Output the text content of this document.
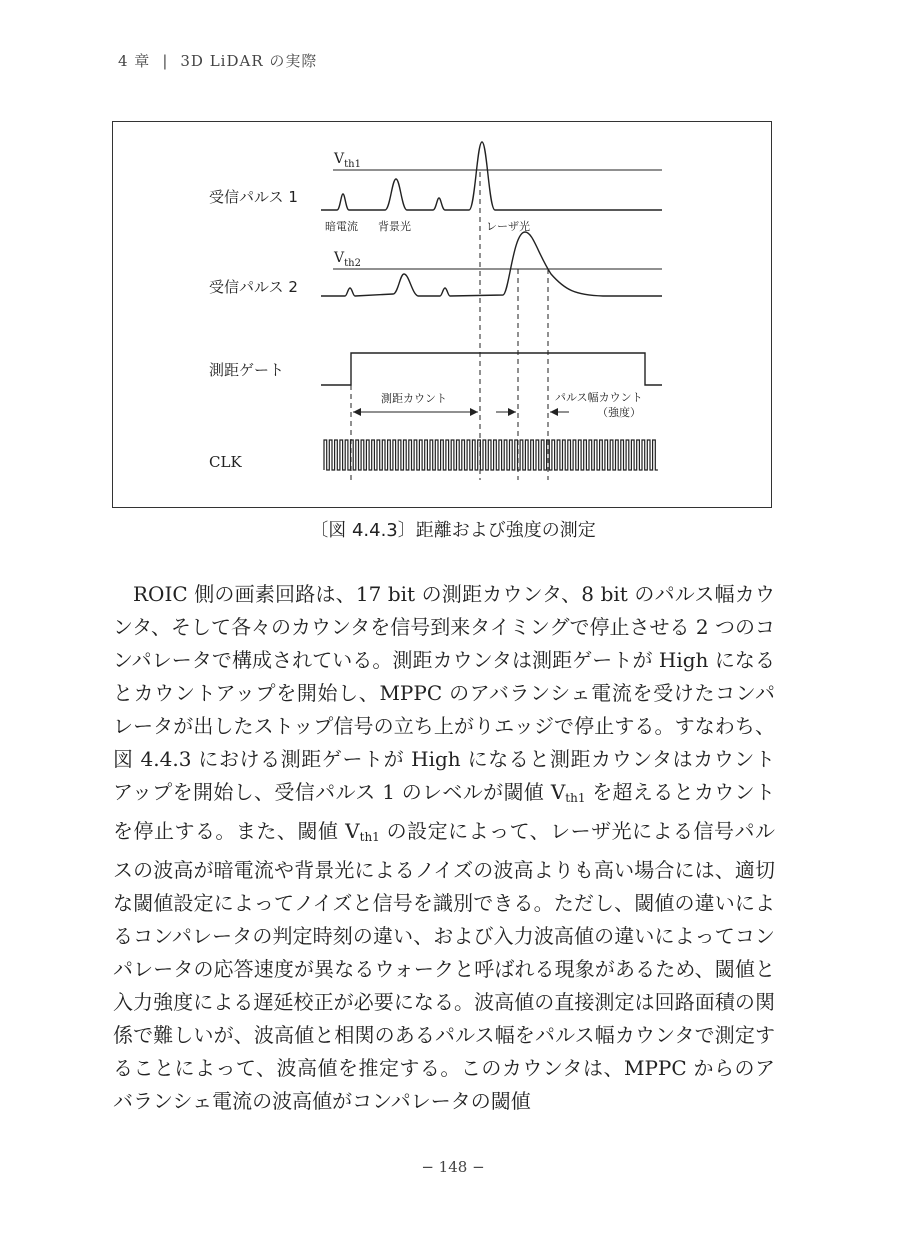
4 章 | 3D LiDAR の実際
受信パルス 1
受信パルス 2
測距ゲート
CLK
$V_{th1}$
$V_{th2}$
暗電流 背景光	レーザ光
測距カウント	パルス幅カウント
（強度）
〔図 4.4.3〕距離および強度の測定

ROIC 側の画素回路は、17 bit の測距カウンタ、8 bit のパルス幅カウンタ、そして各々のカウンタを信号到来タイミングで停止させる 2 つのコンパレータで構成されている。測距カウンタは測距ゲートが High になるとカウントアップを開始し、MPPC のアバランシェ電流を受けたコンパレータが出したストップ信号の立ち上がりエッジで停止する。すなわち、図 4.4.3 における測距ゲートが High になると測距カウンタはカウントアップを開始し、受信パルス 1 のレベルが閾値 $V_{th1}$ を超えるとカウントを停止する。また、閾値 $V_{th1}$ の設定によって、レーザ光による信号パルスの波高が暗電流や背景光によるノイズの波高よりも高い場合には、適切な閾値設定によってノイズと信号を識別できる。ただし、閾値の違いによるコンパレータの判定時刻の違い、および入力波高値の違いによってコンパレータの応答速度が異なるウォークと呼ばれる現象があるため、閾値と入力強度による遅延校正が必要になる。波高値の直接測定は回路面積の関係で難しいが、波高値と相関のあるパルス幅をパルス幅カウンタで測定することによって、波高値を推定する。このカウンタは、MPPC からのアバランシェ電流の波高値がコンパレータの閾値

− 148 −
